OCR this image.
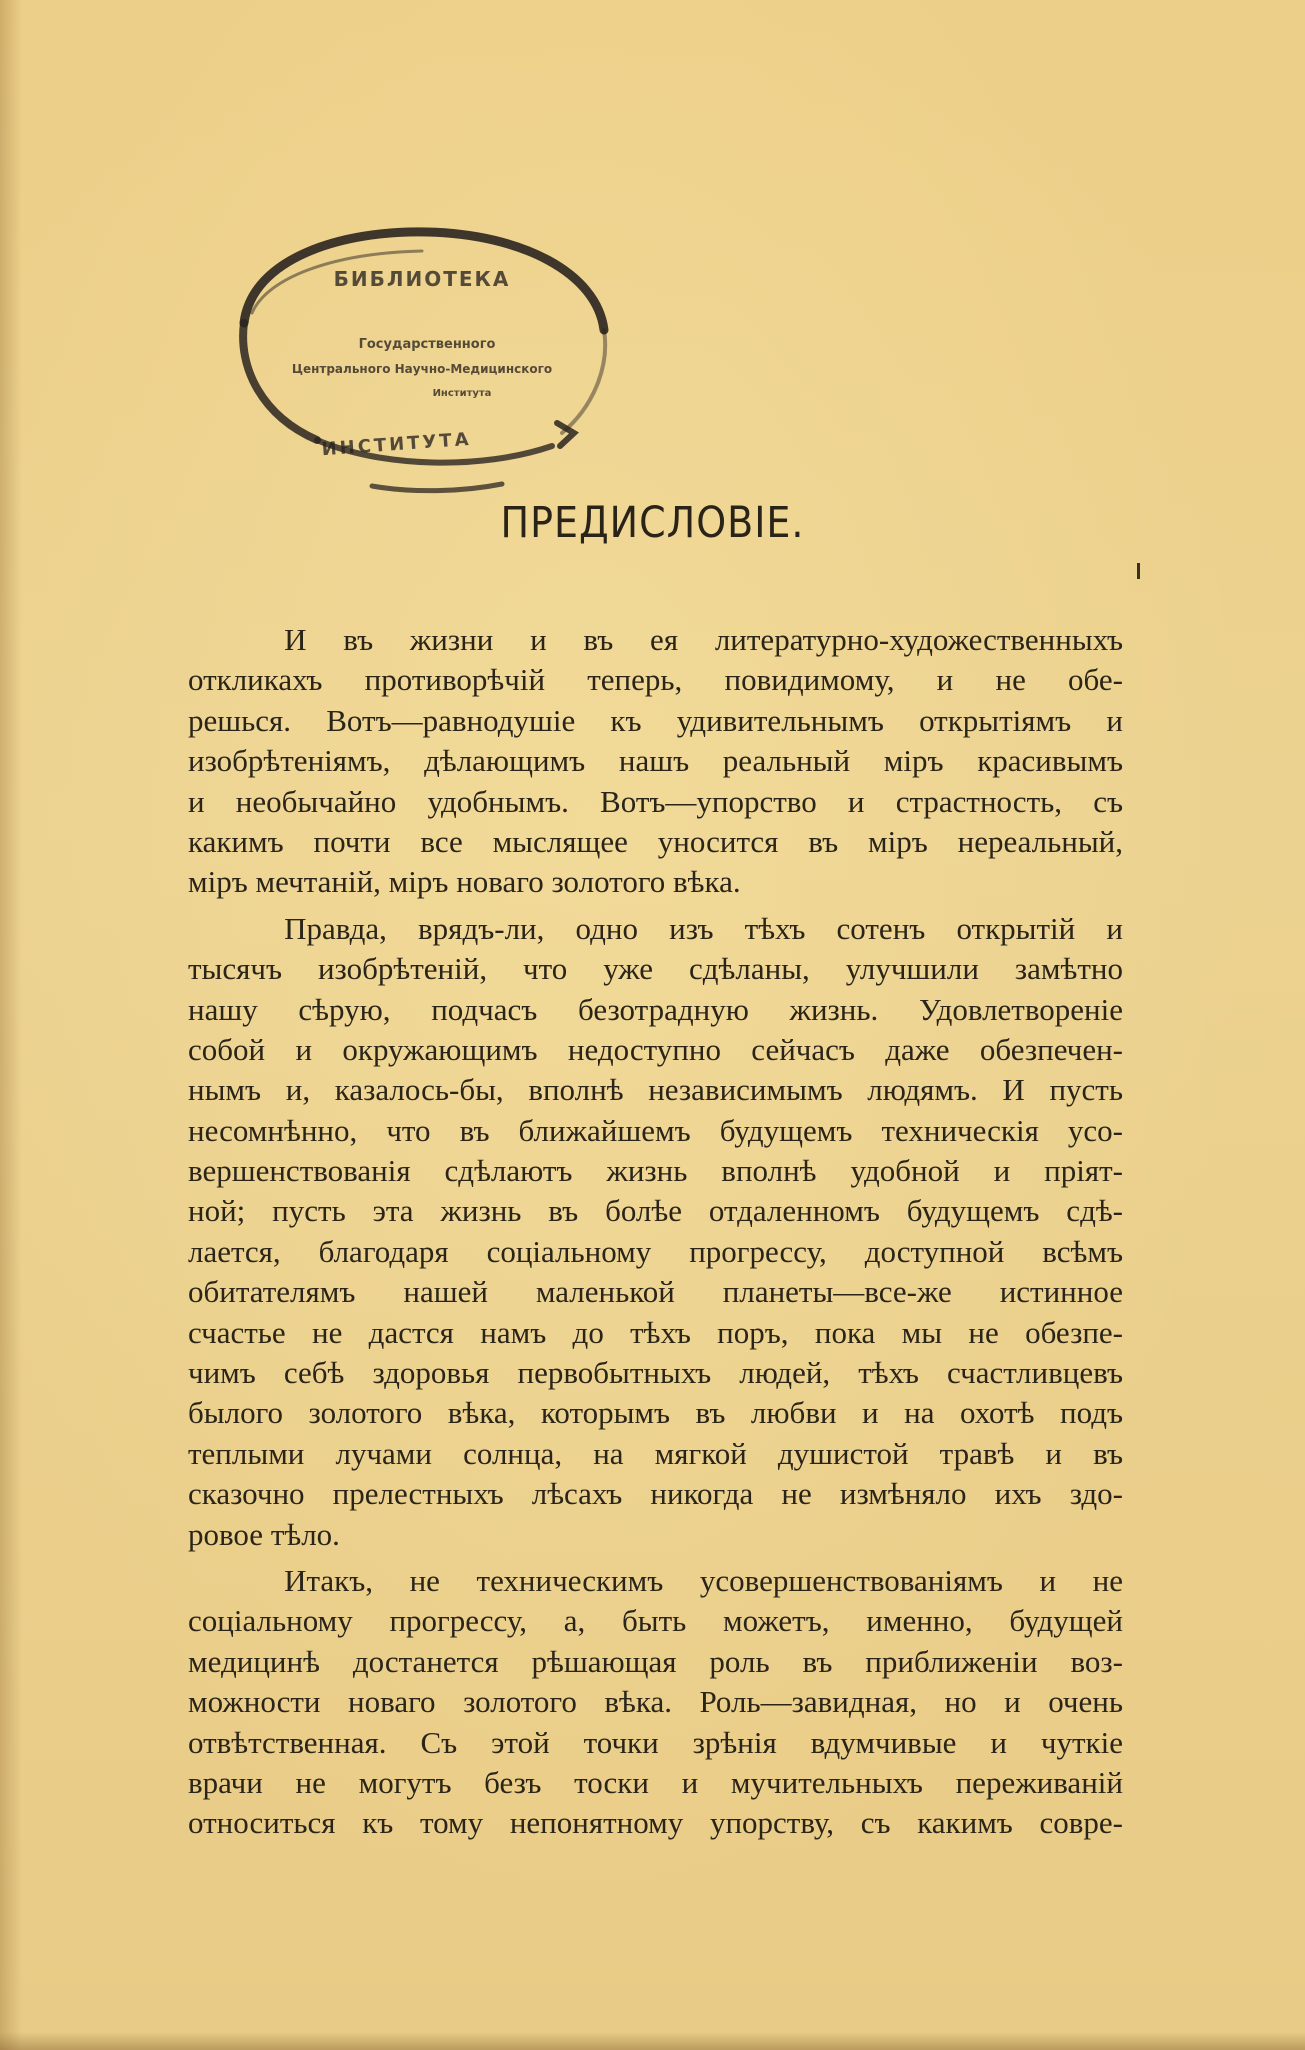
БИБЛИОТЕКА
Государственного
Центрального Научно-Медицинского
Института
ИНСТИТУТА
ПРЕДИСЛОВІЕ.
И въ жизни и въ ея литературно-художественныхъ
откликахъ противорѣчій теперь, повидимому, и не обе-
решься. Вотъ—равнодушіе къ удивительнымъ открытіямъ и
изобрѣтеніямъ, дѣлающимъ нашъ реальный міръ красивымъ
и необычайно удобнымъ. Вотъ—упорство и страстность, съ
какимъ почти все мыслящее уносится въ міръ нереальный,
міръ мечтаній, міръ новаго золотого вѣка.
Правда, врядъ-ли, одно изъ тѣхъ сотенъ открытій и
тысячъ изобрѣтеній, что уже сдѣланы, улучшили замѣтно
нашу сѣрую, подчасъ безотрадную жизнь. Удовлетвореніе
собой и окружающимъ недоступно сейчасъ даже обезпечен-
нымъ и, казалось-бы, вполнѣ независимымъ людямъ. И пусть
несомнѣнно, что въ ближайшемъ будущемъ техническія усо-
вершенствованія сдѣлаютъ жизнь вполнѣ удобной и пріят-
ной; пусть эта жизнь въ болѣе отдаленномъ будущемъ сдѣ-
лается, благодаря соціальному прогрессу, доступной всѣмъ
обитателямъ нашей маленькой планеты—все-же истинное
счастье не дастся намъ до тѣхъ поръ, пока мы не обезпе-
чимъ себѣ здоровья первобытныхъ людей, тѣхъ счастливцевъ
былого золотого вѣка, которымъ въ любви и на охотѣ подъ
теплыми лучами солнца, на мягкой душистой травѣ и въ
сказочно прелестныхъ лѣсахъ никогда не измѣняло ихъ здо-
ровое тѣло.
Итакъ, не техническимъ усовершенствованіямъ и не
соціальному прогрессу, а, быть можетъ, именно, будущей
медицинѣ достанется рѣшающая роль въ приближеніи воз-
можности новаго золотого вѣка. Роль—завидная, но и очень
отвѣтственная. Съ этой точки зрѣнія вдумчивые и чуткіе
врачи не могутъ безъ тоски и мучительныхъ переживаній
относиться къ тому непонятному упорству, съ какимъ совре-
